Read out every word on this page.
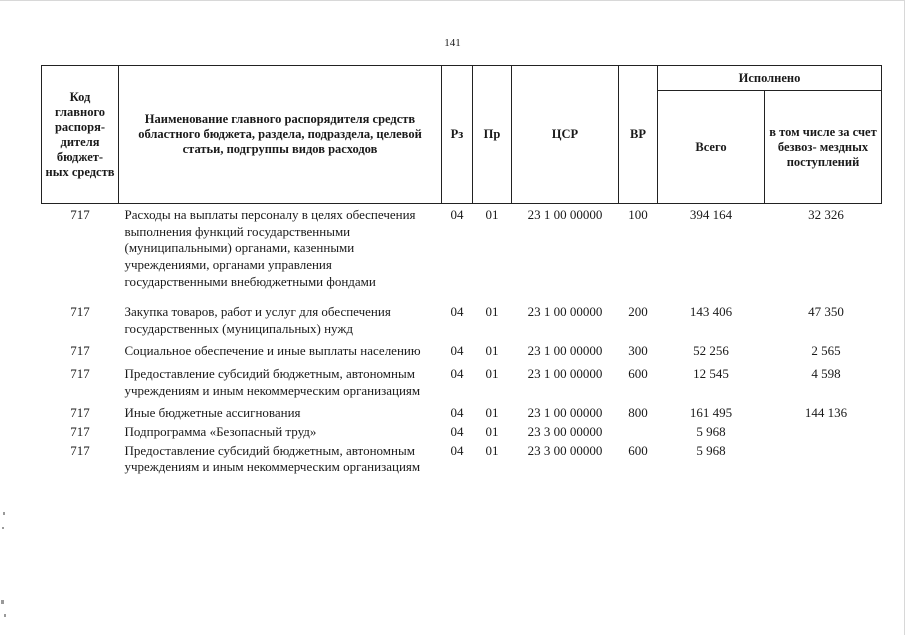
141
Код главного распоря- дителя бюджет- ных средств	Наименование главного распорядителя средств областного бюджета, раздела, подраздела, целевой статьи, подгруппы видов расходов	Рз	Пр	ЦСР	ВР	Исполнено	
						Всего	в том числе за счет безвоз- мездных поступлений
717	Расходы на выплаты персоналу в целях обеспечения выполнения функций государственными (муниципальными) органами, казенными учреждениями, органами управления государственными внебюджетными фондами	04	01	23 1 00 00000	100	394 164	32 326
717	Закупка товаров, работ и услуг для обеспечения государственных (муниципальных) нужд	04	01	23 1 00 00000	200	143 406	47 350
717	Социальное обеспечение и иные выплаты населению	04	01	23 1 00 00000	300	52 256	2 565
717	Предоставление субсидий бюджетным, автономным учреждениям и иным некоммерческим организациям	04	01	23 1 00 00000	600	12 545	4 598
717	Иные бюджетные ассигнования	04	01	23 1 00 00000	800	161 495	144 136
717	Подпрограмма «Безопасный труд»	04	01	23 3 00 00000		5 968	
717	Предоставление субсидий бюджетным, автономным учреждениям и иным некоммерческим организациям	04	01	23 3 00 00000	600	5 968	
